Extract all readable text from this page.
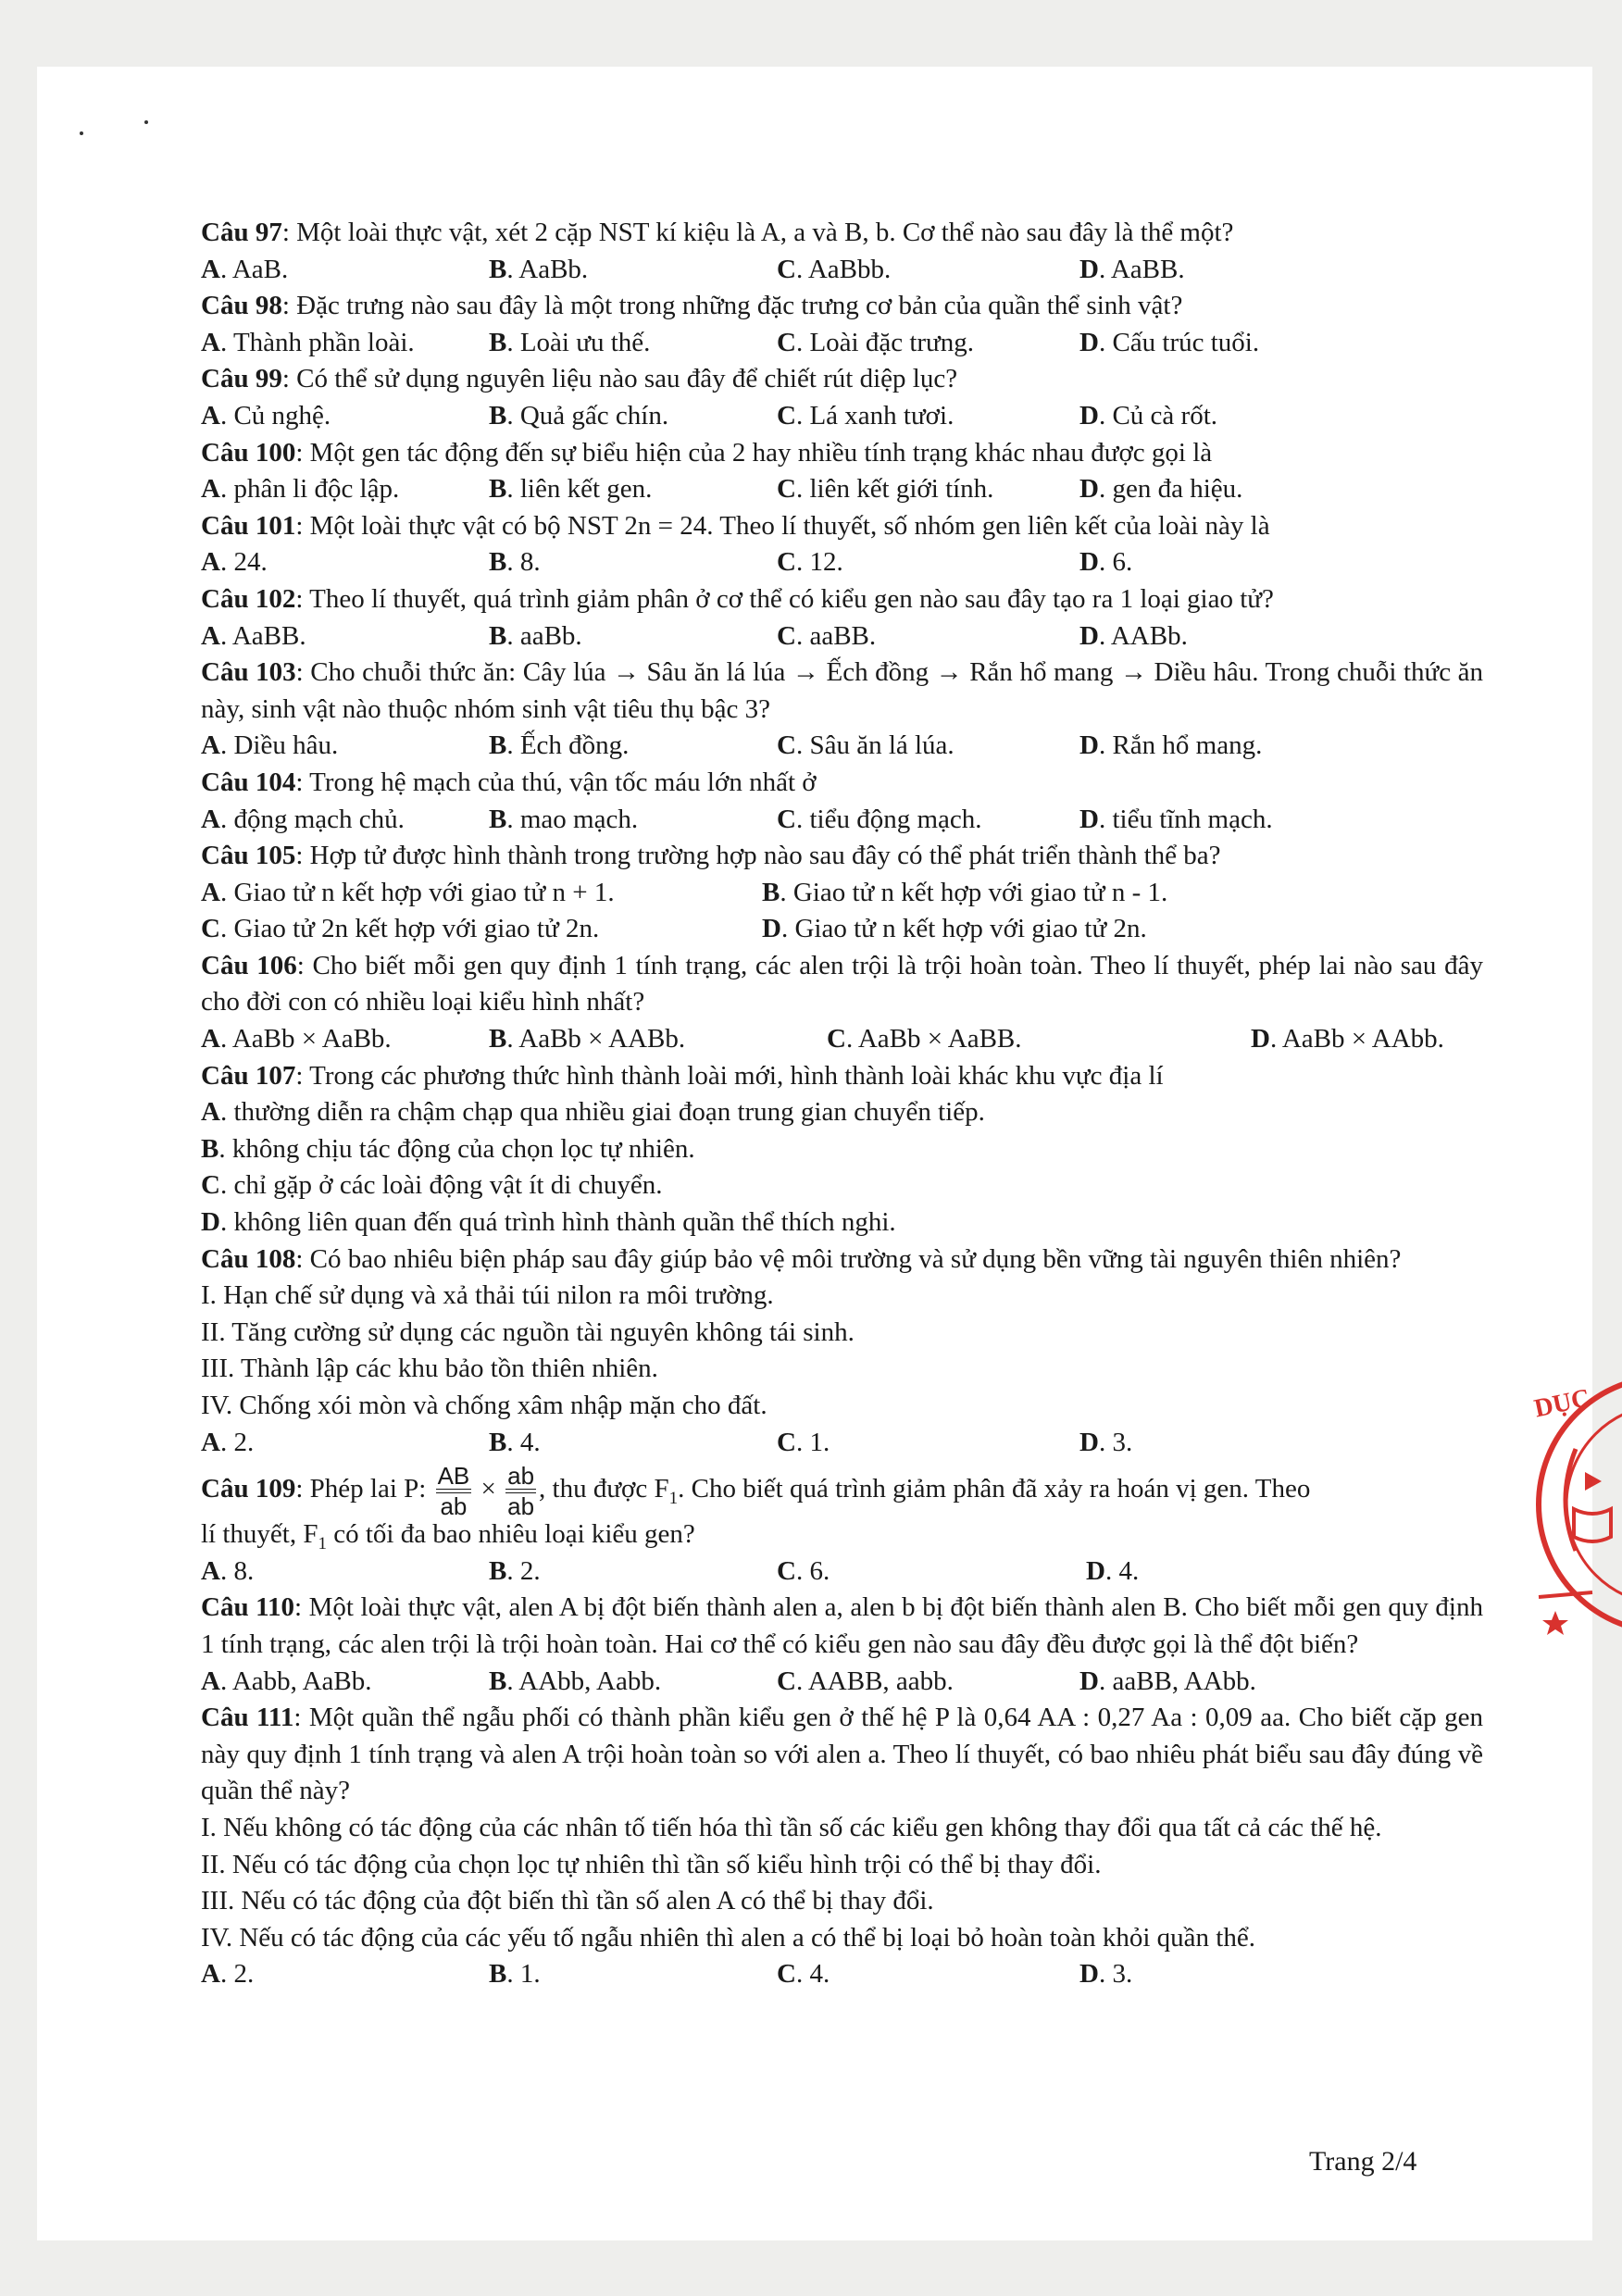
Câu 97: Một loài thực vật, xét 2 cặp NST kí kiệu là A, a và B, b. Cơ thể nào sau đây là thể một?
A. AaB.	B. AaBb.	C. AaBbb.	D. AaBB.
Câu 98: Đặc trưng nào sau đây là một trong những đặc trưng cơ bản của quần thể sinh vật?
A. Thành phần loài.	B. Loài ưu thế.	C. Loài đặc trưng.	D. Cấu trúc tuổi.
Câu 99: Có thể sử dụng nguyên liệu nào sau đây để chiết rút diệp lục?
A. Củ nghệ.	B. Quả gấc chín.	C. Lá xanh tươi.	D. Củ cà rốt.
Câu 100: Một gen tác động đến sự biểu hiện của 2 hay nhiều tính trạng khác nhau được gọi là
A. phân li độc lập.	B. liên kết gen.	C. liên kết giới tính.	D. gen đa hiệu.
Câu 101: Một loài thực vật có bộ NST 2n = 24. Theo lí thuyết, số nhóm gen liên kết của loài này là
A. 24.	B. 8.	C. 12.	D. 6.
Câu 102: Theo lí thuyết, quá trình giảm phân ở cơ thể có kiểu gen nào sau đây tạo ra 1 loại giao tử?
A. AaBB.	B. aaBb.	C. aaBB.	D. AABb.
Câu 103: Cho chuỗi thức ăn: Cây lúa → Sâu ăn lá lúa → Ếch đồng → Rắn hổ mang → Diều hâu. Trong chuỗi thức ăn này, sinh vật nào thuộc nhóm sinh vật tiêu thụ bậc 3?
A. Diều hâu.	B. Ếch đồng.	C. Sâu ăn lá lúa.	D. Rắn hổ mang.
Câu 104: Trong hệ mạch của thú, vận tốc máu lớn nhất ở
A. động mạch chủ.	B. mao mạch.	C. tiểu động mạch.	D. tiểu tĩnh mạch.
Câu 105: Hợp tử được hình thành trong trường hợp nào sau đây có thể phát triển thành thể ba?
A. Giao tử n kết hợp với giao tử n + 1.	B. Giao tử n kết hợp với giao tử n - 1.
C. Giao tử 2n kết hợp với giao tử 2n.	D. Giao tử n kết hợp với giao tử 2n.
Câu 106: Cho biết mỗi gen quy định 1 tính trạng, các alen trội là trội hoàn toàn. Theo lí thuyết, phép lai nào sau đây cho đời con có nhiều loại kiểu hình nhất?
A. AaBb × AaBb.	B. AaBb × AABb.	C. AaBb × AaBB.	D. AaBb × AAbb.
Câu 107: Trong các phương thức hình thành loài mới, hình thành loài khác khu vực địa lí
A. thường diễn ra chậm chạp qua nhiều giai đoạn trung gian chuyển tiếp.
B. không chịu tác động của chọn lọc tự nhiên.
C. chỉ gặp ở các loài động vật ít di chuyển.
D. không liên quan đến quá trình hình thành quần thể thích nghi.
Câu 108: Có bao nhiêu biện pháp sau đây giúp bảo vệ môi trường và sử dụng bền vững tài nguyên thiên nhiên?
I. Hạn chế sử dụng và xả thải túi nilon ra môi trường.
II. Tăng cường sử dụng các nguồn tài nguyên không tái sinh.
III. Thành lập các khu bảo tồn thiên nhiên.
IV. Chống xói mòn và chống xâm nhập mặn cho đất.
A. 2.	B. 4.	C. 1.	D. 3.
Câu 109: Phép lai P: $\frac{AB}{ab} \times \frac{ab}{ab}$ , thu được $F_1$. Cho biết quá trình giảm phân đã xảy ra hoán vị gen. Theo
lí thuyết, $F_1$ có tối đa bao nhiêu loại kiểu gen?
A. 8.	B. 2.	C. 6.	D. 4.
Câu 110: Một loài thực vật, alen A bị đột biến thành alen a, alen b bị đột biến thành alen B. Cho biết mỗi gen quy định 1 tính trạng, các alen trội là trội hoàn toàn. Hai cơ thể có kiểu gen nào sau đây đều được gọi là thể đột biến?
A. Aabb, AaBb.	B. AAbb, Aabb.	C. AABB, aabb.	D. aaBB, AAbb.
Câu 111: Một quần thể ngẫu phối có thành phần kiểu gen ở thế hệ P là 0,64 AA : 0,27 Aa : 0,09 aa. Cho biết cặp gen này quy định 1 tính trạng và alen A trội hoàn toàn so với alen a. Theo lí thuyết, có bao nhiêu phát biểu sau đây đúng về quần thể này?
I. Nếu không có tác động của các nhân tố tiến hóa thì tần số các kiểu gen không thay đổi qua tất cả các thế hệ.
II. Nếu có tác động của chọn lọc tự nhiên thì tần số kiểu hình trội có thể bị thay đổi.
III. Nếu có tác động của đột biến thì tần số alen A có thể bị thay đổi.
IV. Nếu có tác động của các yếu tố ngẫu nhiên thì alen a có thể bị loại bỏ hoàn toàn khỏi quần thể.
A. 2.	B. 1.	C. 4.	D. 3.
DỤC
Trang 2/4
